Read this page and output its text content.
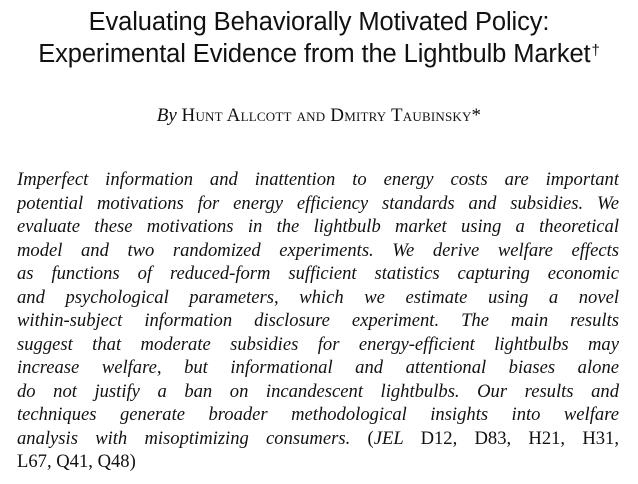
Evaluating Behaviorally Motivated Policy:
Experimental Evidence from the Lightbulb Market†
By Hunt Allcott and Dmitry Taubinsky*
Imperfect information and inattention to energy costs are important
potential motivations for energy efficiency standards and subsidies. We
evaluate these motivations in the lightbulb market using a theoretical
model and two randomized experiments. We derive welfare effects
as functions of reduced-form sufficient statistics capturing economic
and psychological parameters, which we estimate using a novel
within-subject information disclosure experiment. The main results
suggest that moderate subsidies for energy-efficient lightbulbs may
increase welfare, but informational and attentional biases alone
do not justify a ban on incandescent lightbulbs. Our results and
techniques generate broader methodological insights into welfare
analysis with misoptimizing consumers. (JEL D12, D83, H21, H31,
L67, Q41, Q48)
